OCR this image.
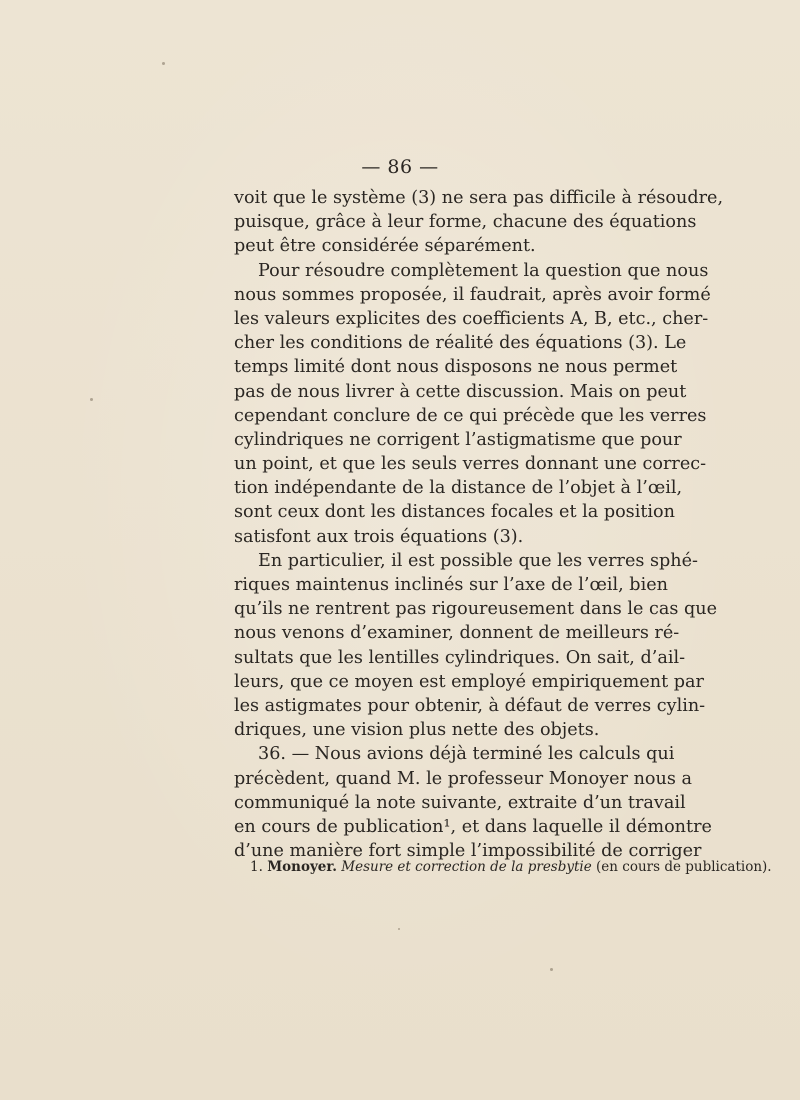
— 86 —
voit que le système (3) ne sera pas difficile à résoudre,
puisque, grâce à leur forme, chacune des équations
peut être considérée séparément.
Pour résoudre complètement la question que nous
nous sommes proposée, il faudrait, après avoir formé
les valeurs explicites des coefficients A, B, etc., cher-
cher les conditions de réalité des équations (3). Le
temps limité dont nous disposons ne nous permet
pas de nous livrer à cette discussion. Mais on peut
cependant conclure de ce qui précède que les verres
cylindriques ne corrigent l’astigmatisme que pour
un point, et que les seuls verres donnant une correc-
tion indépendante de la distance de l’objet à l’œil,
sont ceux dont les distances focales et la position
satisfont aux trois équations (3).
En particulier, il est possible que les verres sphé-
riques maintenus inclinés sur l’axe de l’œil, bien
qu’ils ne rentrent pas rigoureusement dans le cas que
nous venons d’examiner, donnent de meilleurs ré-
sultats que les lentilles cylindriques. On sait, d’ail-
leurs, que ce moyen est employé empiriquement par
les astigmates pour obtenir, à défaut de verres cylin-
driques, une vision plus nette des objets.
36. — Nous avions déjà terminé les calculs qui
précèdent, quand M. le professeur Monoyer nous a
communiqué la note suivante, extraite d’un travail
en cours de publication¹, et dans laquelle il démontre
d’une manière fort simple l’impossibilité de corriger
1. Monoyer. Mesure et correction de la presbytie (en cours de publication).
